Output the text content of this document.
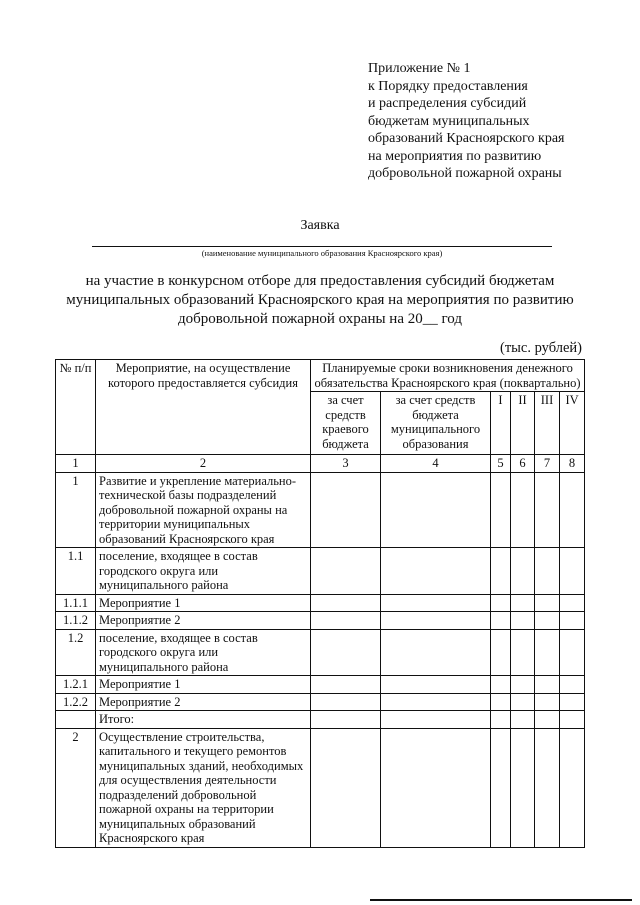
Приложение № 1
к Порядку предоставления
и распределения субсидий
бюджетам муниципальных
образований Красноярского края
на мероприятия по развитию
добровольной пожарной охраны
Заявка
(наименование муниципального образования Красноярского края)
на участие в конкурсном отборе для предоставления субсидий бюджетам
муниципальных образований Красноярского края на мероприятия по развитию
добровольной пожарной охраны на 20__ год
(тыс. рублей)
№ п/п	Мероприятие, на осуществление которого предоставляется субсидия	Планируемые сроки возникновения денежного обязательства Красноярского края (поквартально)					
		за счет средств краевого бюджета	за счет средств бюджета муниципального образования	I	II	III	IV
1	2	3	4	5	6	7	8
1	Развитие и укрепление материально-технической базы подразделений добровольной пожарной охраны на территории муниципальных образований Красноярского края						
1.1	поселение, входящее в состав городского округа или муниципального района						
1.1.1	Мероприятие 1						
1.1.2	Мероприятие 2						
1.2	поселение, входящее в состав городского округа или муниципального района						
1.2.1	Мероприятие 1						
1.2.2	Мероприятие 2						
	Итого:						
2	Осуществление строительства, капитального и текущего ремонтов муниципальных зданий, необходимых для осуществления деятельности подразделений добровольной пожарной охраны на территории муниципальных образований Красноярского края						
